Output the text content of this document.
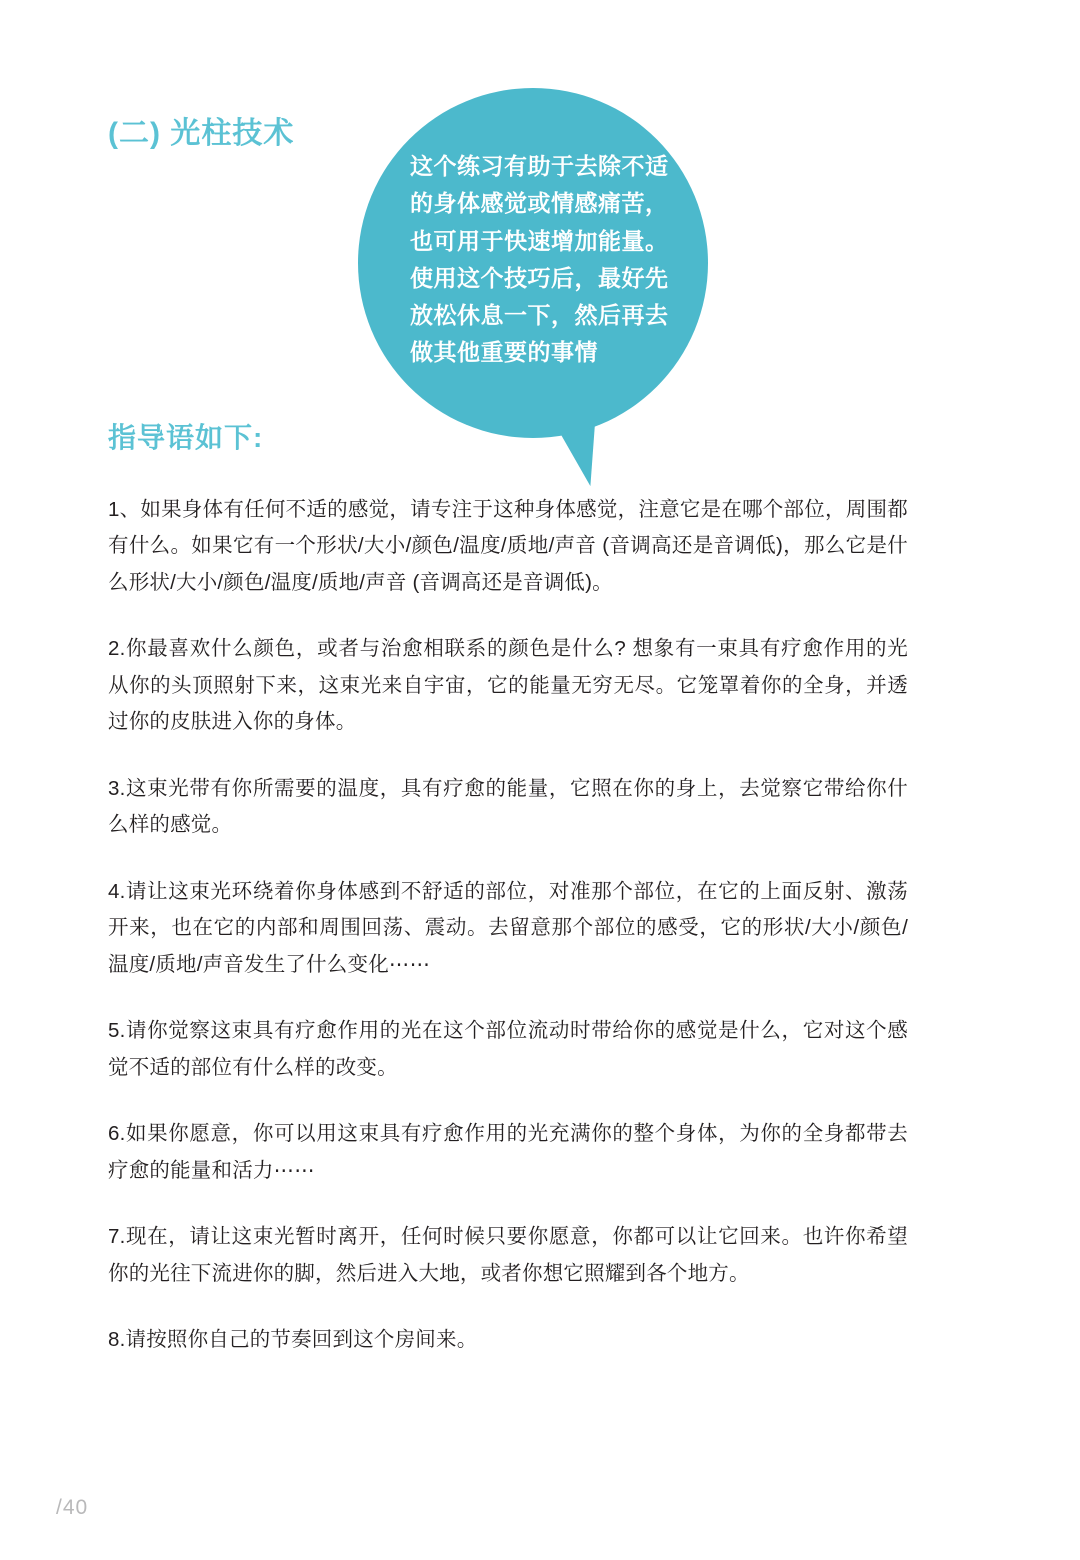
(二) 光柱技术
这个练习有助于去除不适的身体感觉或情感痛苦，也可用于快速增加能量。使用这个技巧后，最好先放松休息一下，然后再去做其他重要的事情
指导语如下:

1、如果身体有任何不适的感觉，请专注于这种身体感觉，注意它是在哪个部位，周围都有什么。如果它有一个形状/大小/颜色/温度/质地/声音 (音调高还是音调低)，那么它是什么形状/大小/颜色/温度/质地/声音 (音调高还是音调低)。

2.你最喜欢什么颜色，或者与治愈相联系的颜色是什么? 想象有一束具有疗愈作用的光从你的头顶照射下来，这束光来自宇宙，它的能量无穷无尽。它笼罩着你的全身，并透过你的皮肤进入你的身体。

3.这束光带有你所需要的温度，具有疗愈的能量，它照在你的身上，去觉察它带给你什么样的感觉。

4.请让这束光环绕着你身体感到不舒适的部位，对准那个部位，在它的上面反射、激荡开来，也在它的内部和周围回荡、震动。去留意那个部位的感受，它的形状/大小/颜色/温度/质地/声音发生了什么变化⋯⋯

5.请你觉察这束具有疗愈作用的光在这个部位流动时带给你的感觉是什么，它对这个感觉不适的部位有什么样的改变。

6.如果你愿意，你可以用这束具有疗愈作用的光充满你的整个身体，为你的全身都带去疗愈的能量和活力⋯⋯

7.现在，请让这束光暂时离开，任何时候只要你愿意，你都可以让它回来。也许你希望你的光往下流进你的脚，然后进入大地，或者你想它照耀到各个地方。

8.请按照你自己的节奏回到这个房间来。

/40
